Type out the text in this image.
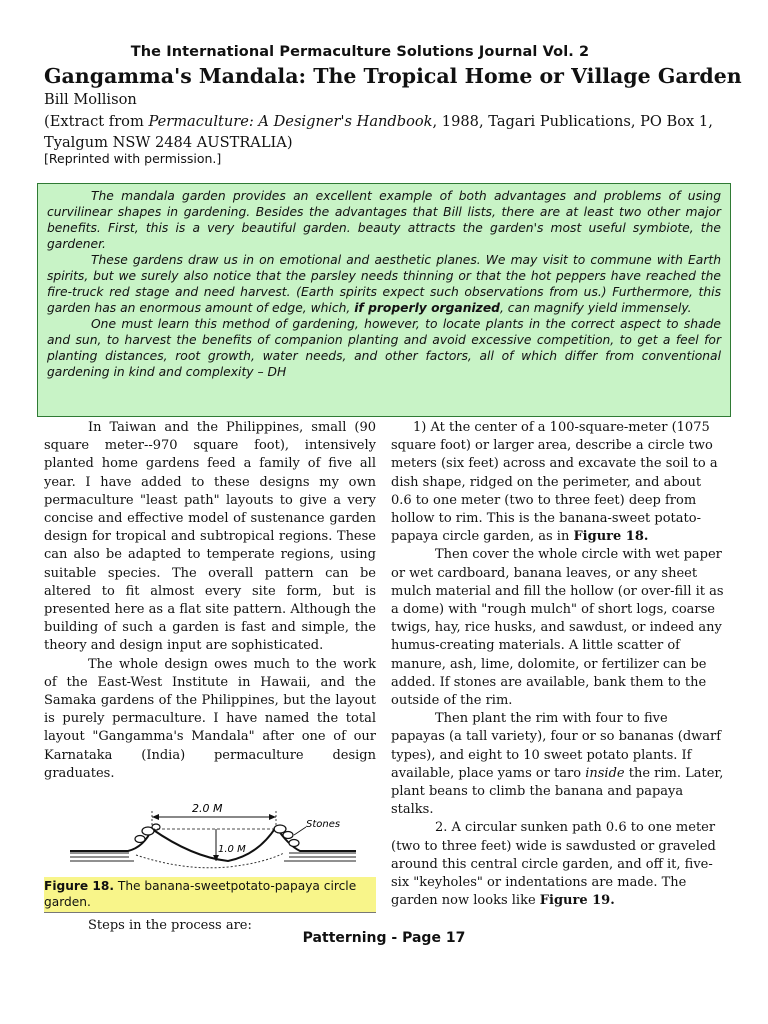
The International Permaculture Solutions Journal Vol. 2
Gangamma's Mandala: The Tropical Home or Village Garden
Bill Mollison
(Extract from Permaculture: A Designer's Handbook, 1988, Tagari Publications, PO Box 1, Tyalgum NSW 2484 AUSTRALIA)
[Reprinted with permission.]

The mandala garden provides an excellent example of both advantages and problems of using curvilinear shapes in gardening. Besides the advantages that Bill lists, there are at least two other major benefits. First, this is a very beautiful garden. beauty attracts the garden's most useful symbiote, the gardener.

These gardens draw us in on emotional and aesthetic planes. We may visit to commune with Earth spirits, but we surely also notice that the parsley needs thinning or that the hot peppers have reached the fire-truck red stage and need harvest. (Earth spirits expect such observations from us.) Furthermore, this garden has an enormous amount of edge, which, if properly organized, can magnify yield immensely.

One must learn this method of gardening, however, to locate plants in the correct aspect to shade and sun, to harvest the benefits of companion planting and avoid excessive competition, to get a feel for planting distances, root growth, water needs, and other factors, all of which differ from conventional gardening in kind and complexity – DH

In Taiwan and the Philippines, small (90 square meter--970 square foot), intensively planted home gardens feed a family of five all year. I have added to these designs my own permaculture "least path" layouts to give a very concise and effective model of sustenance garden design for tropical and subtropical regions. These can also be adapted to temperate regions, using suitable species. The overall pattern can be altered to fit almost every site form, but is presented here as a flat site pattern. Although the building of such a garden is fast and simple, the theory and design input are sophisticated.

The whole design owes much to the work of the East-West Institute in Hawaii, and the Samaka gardens of the Philippines, but the layout is purely permaculture. I have named the total layout "Gangamma's Mandala" after one of our Karnataka (India) permaculture design graduates.

2.0 M
1.0 M
Stones
Figure 18. The banana-sweetpotato-papaya circle garden.

Steps in the process are:

1) At the center of a 100-square-meter (1075 square foot) or larger area, describe a circle two meters (six feet) across and excavate the soil to a dish shape, ridged on the perimeter, and about 0.6 to one meter (two to three feet) deep from hollow to rim. This is the banana-sweet potato-papaya circle garden, as in Figure 18.

Then cover the whole circle with wet paper or wet cardboard, banana leaves, or any sheet mulch material and fill the hollow (or over-fill it as a dome) with "rough mulch" of short logs, coarse twigs, hay, rice husks, and sawdust, or indeed any humus-creating materials. A little scatter of manure, ash, lime, dolomite, or fertilizer can be added. If stones are available, bank them to the outside of the rim.

Then plant the rim with four to five papayas (a tall variety), four or so bananas (dwarf types), and eight to 10 sweet potato plants. If available, place yams or taro inside the rim. Later, plant beans to climb the banana and papaya stalks.

2. A circular sunken path 0.6 to one meter (two to three feet) wide is sawdusted or graveled around this central circle garden, and off it, five-six "keyholes" or indentations are made. The garden now looks like Figure 19.

Patterning - Page 17
